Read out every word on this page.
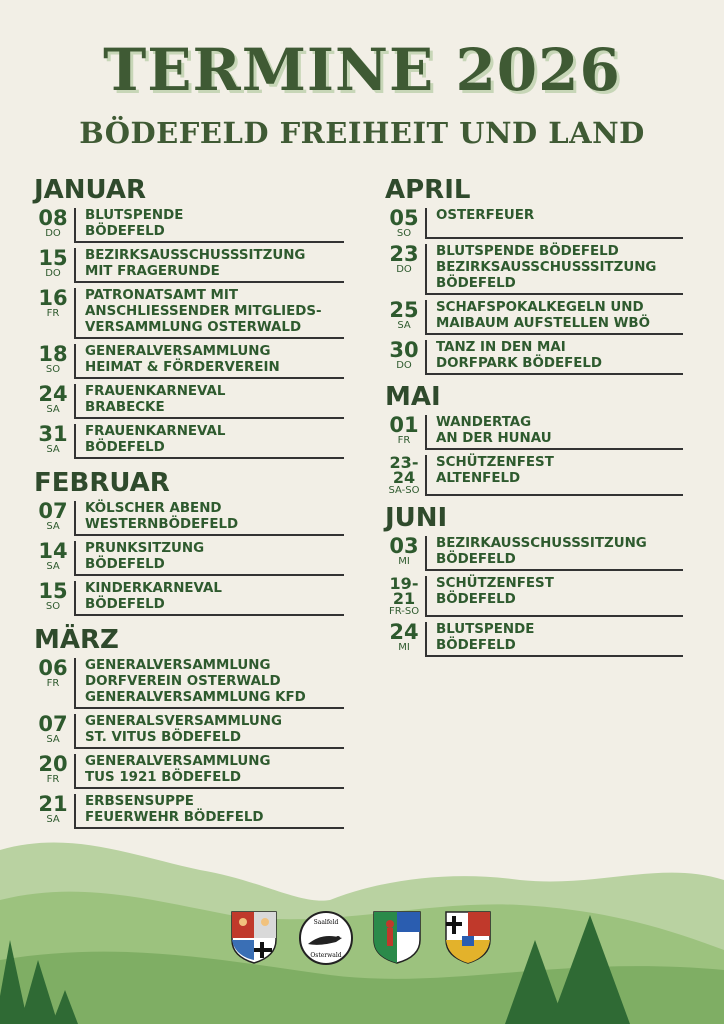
TERMINE 2026
BÖDEFELD FREIHEIT UND LAND
JANUAR
08
DO
BLUTSPENDE
BÖDEFELD
15
DO
BEZIRKSAUSSCHUSSSITZUNG
MIT FRAGERUNDE
16
FR
PATRONATSAMT MIT
ANSCHLIESSENDER MITGLIEDS-
VERSAMMLUNG OSTERWALD
18
SO
GENERALVERSAMMLUNG
HEIMAT & FÖRDERVEREIN
24
SA
FRAUENKARNEVAL
BRABECKE
31
SA
FRAUENKARNEVAL
BÖDEFELD
FEBRUAR
07
SA
KÖLSCHER ABEND
WESTERNBÖDEFELD
14
SA
PRUNKSITZUNG
BÖDEFELD
15
SO
KINDERKARNEVAL
BÖDEFELD
MÄRZ
06
FR
GENERALVERSAMMLUNG
DORFVEREIN OSTERWALD
GENERALVERSAMMLUNG KFD
07
SA
GENERALSVERSAMMLUNG
ST. VITUS BÖDEFELD
20
FR
GENERALVERSAMMLUNG
TUS 1921 BÖDEFELD
21
SA
ERBSENSUPPE
FEUERWEHR BÖDEFELD
APRIL
05
SO
OSTERFEUER
23
DO
BLUTSPENDE BÖDEFELD
BEZIRKSAUSSCHUSSSITZUNG
BÖDEFELD
25
SA
SCHAFSPOKALKEGELN UND
MAIBAUM AUFSTELLEN WBÖ
30
DO
TANZ IN DEN MAI
DORFPARK BÖDEFELD
MAI
01
FR
WANDERTAG
AN DER HUNAU
23-
24
SA-SO
SCHÜTZENFEST
ALTENFELD
JUNI
03
MI
BEZIRKAUSSCHUSSSITZUNG
BÖDEFELD
19-
21
FR-SO
SCHÜTZENFEST
BÖDEFELD
24
MI
BLUTSPENDE
BÖDEFELD
Saalfeld
Osterwald
